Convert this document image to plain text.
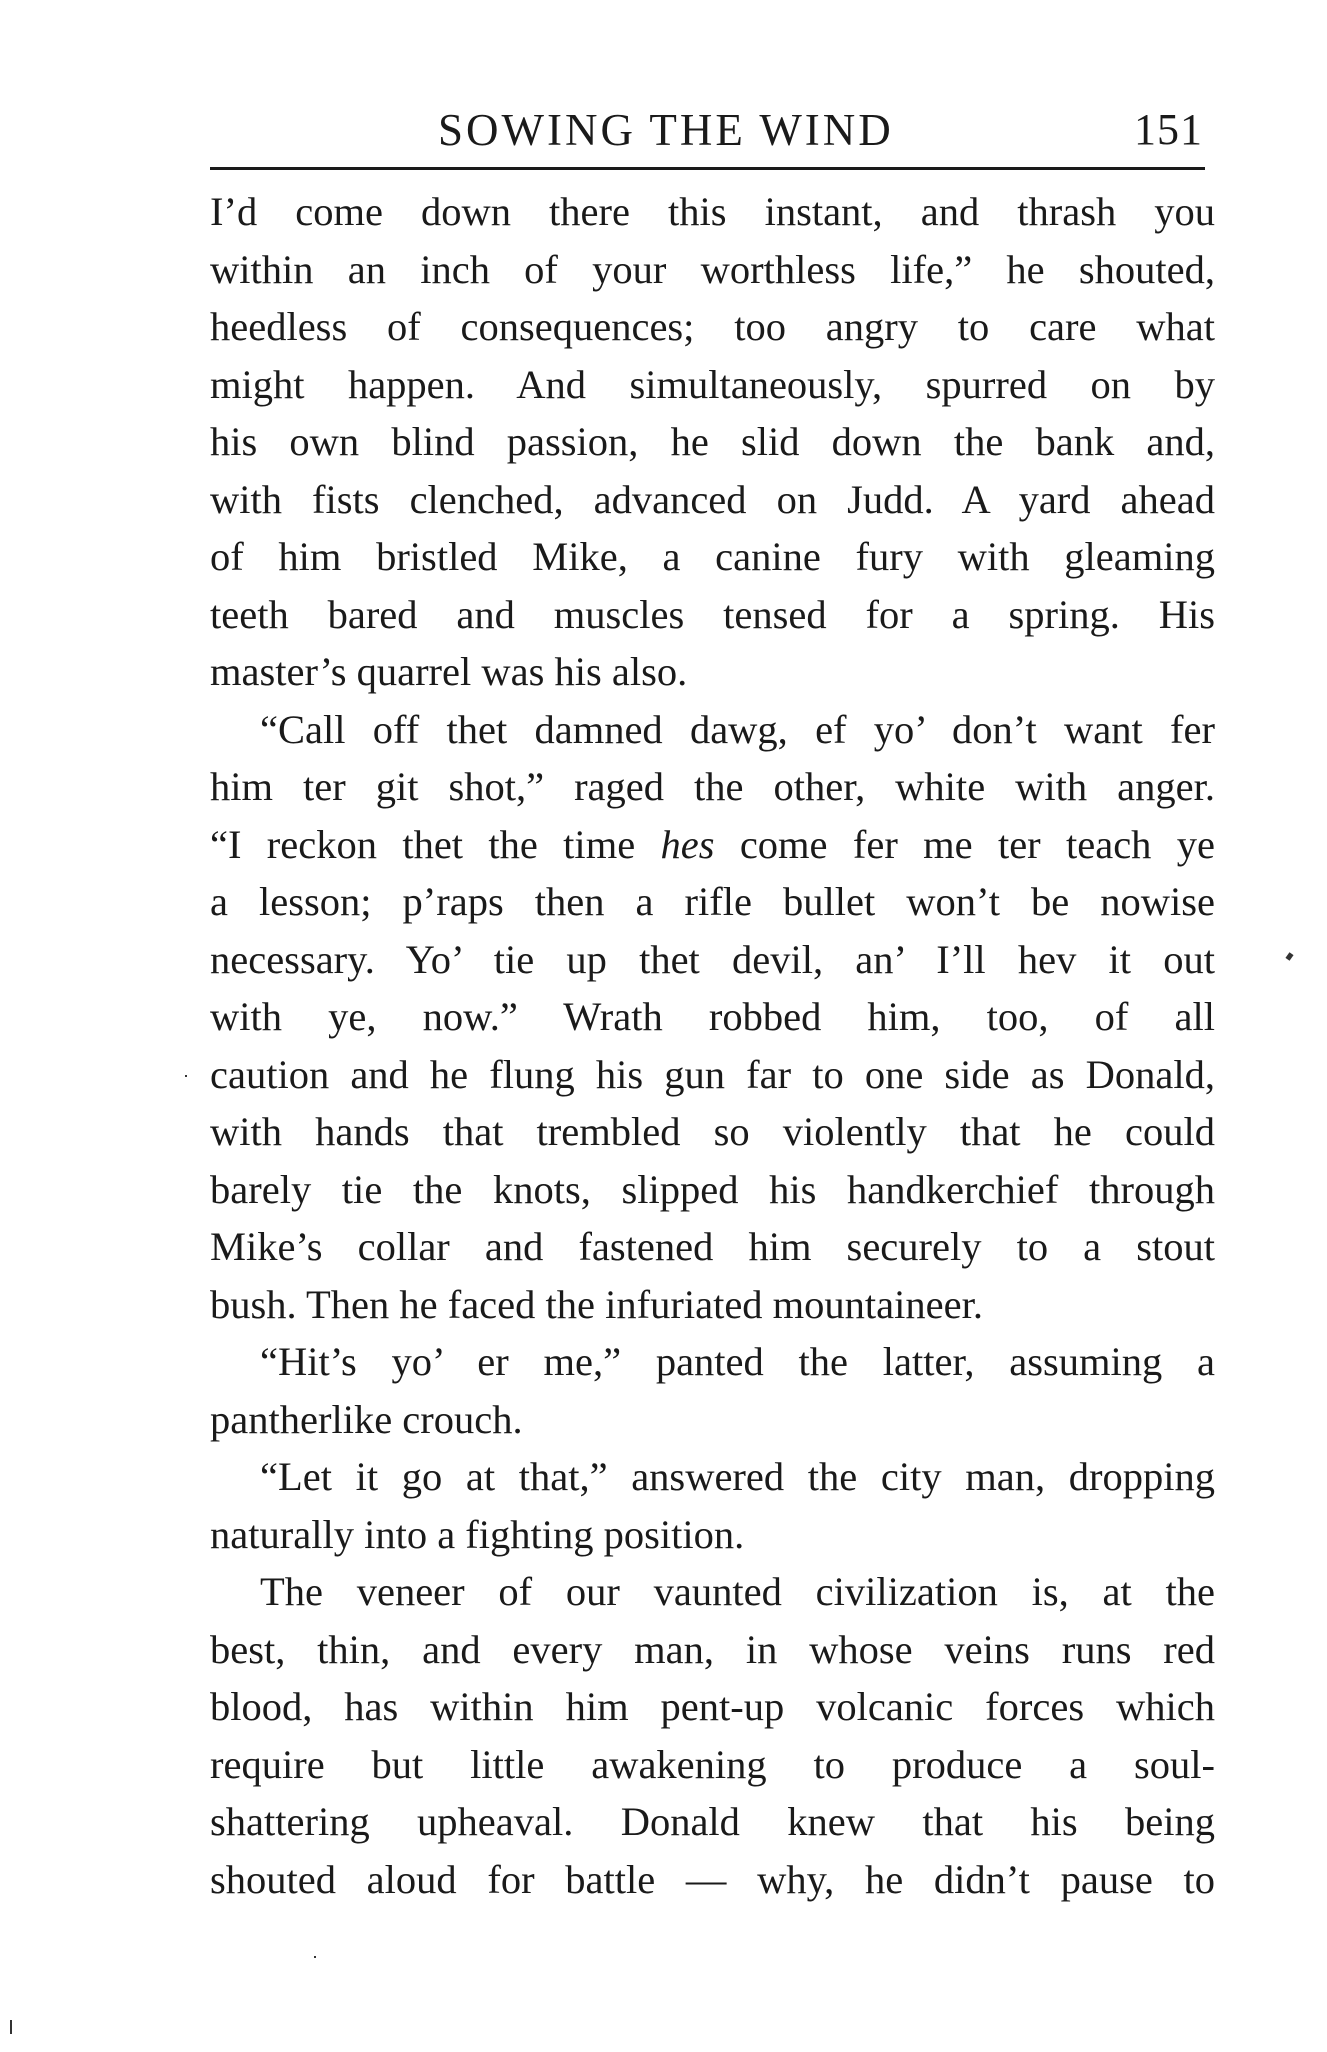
SOWING THE WIND	151
I’d come down there this instant, and thrash you
within an inch of your worthless life,” he shouted,
heedless of consequences; too angry to care what
might happen. And simultaneously, spurred on by
his own blind passion, he slid down the bank and,
with fists clenched, advanced on Judd. A yard ahead
of him bristled Mike, a canine fury with gleaming
teeth bared and muscles tensed for a spring. His
master’s quarrel was his also.
“Call off thet damned dawg, ef yo’ don’t want fer
him ter git shot,” raged the other, white with anger.
“I reckon thet the time hes come fer me ter teach ye
a lesson; p’raps then a rifle bullet won’t be nowise
necessary. Yo’ tie up thet devil, an’ I’ll hev it out
with ye, now.” Wrath robbed him, too, of all
caution and he flung his gun far to one side as Donald,
with hands that trembled so violently that he could
barely tie the knots, slipped his handkerchief through
Mike’s collar and fastened him securely to a stout
bush. Then he faced the infuriated mountaineer.
“Hit’s yo’ er me,” panted the latter, assuming a
pantherlike crouch.
“Let it go at that,” answered the city man, dropping
naturally into a fighting position.
The veneer of our vaunted civilization is, at the
best, thin, and every man, in whose veins runs red
blood, has within him pent-up volcanic forces which
require but little awakening to produce a soul-
shattering upheaval. Donald knew that his being
shouted aloud for battle — why, he didn’t pause to
